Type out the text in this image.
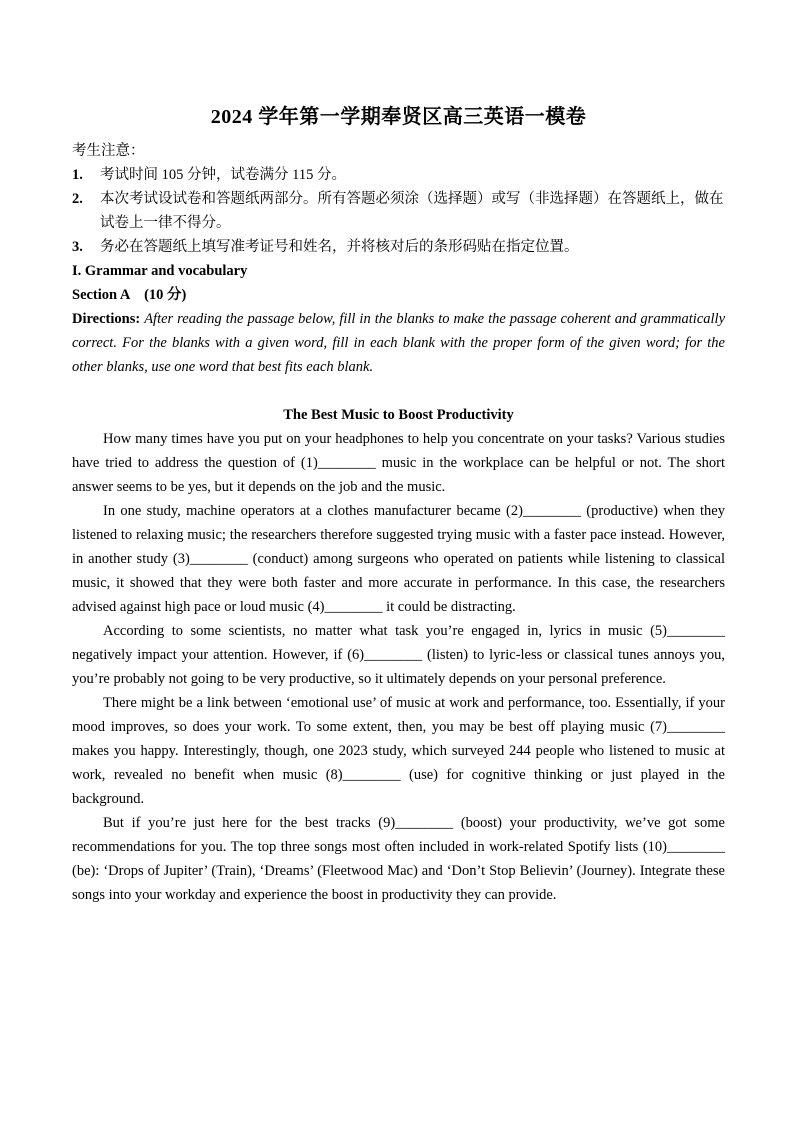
2024 学年第一学期奉贤区高三英语一模卷
考生注意：
1. 考试时间 105 分钟，试卷满分 115 分。
2. 本次考试设试卷和答题纸两部分。所有答题必须涂（选择题）或写（非选择题）在答题纸上，做在试卷上一律不得分。
3. 务必在答题纸上填写准考证号和姓名，并将核对后的条形码贴在指定位置。
I. Grammar and vocabulary
Section A　(10 分)

Directions: After reading the passage below, fill in the blanks to make the passage coherent and grammatically correct. For the blanks with a given word, fill in each blank with the proper form of the given word; for the other blanks, use one word that best fits each blank.

The Best Music to Boost Productivity

How many times have you put on your headphones to help you concentrate on your tasks? Various studies have tried to address the question of (1)________ music in the workplace can be helpful or not. The short answer seems to be yes, but it depends on the job and the music.

In one study, machine operators at a clothes manufacturer became (2)________ (productive) when they listened to relaxing music; the researchers therefore suggested trying music with a faster pace instead. However, in another study (3)________ (conduct) among surgeons who operated on patients while listening to classical music, it showed that they were both faster and more accurate in performance. In this case, the researchers advised against high pace or loud music (4)________ it could be distracting.

According to some scientists, no matter what task you’re engaged in, lyrics in music (5)________ negatively impact your attention. However, if (6)________ (listen) to lyric-less or classical tunes annoys you, you’re probably not going to be very productive, so it ultimately depends on your personal preference.

There might be a link between ‘emotional use’ of music at work and performance, too. Essentially, if your mood improves, so does your work. To some extent, then, you may be best off playing music (7)________ makes you happy. Interestingly, though, one 2023 study, which surveyed 244 people who listened to music at work, revealed no benefit when music (8)________ (use) for cognitive thinking or just played in the background.

But if you’re just here for the best tracks (9)________ (boost) your productivity, we’ve got some recommendations for you. The top three songs most often included in work-related Spotify lists (10)________ (be): ‘Drops of Jupiter’ (Train), ‘Dreams’ (Fleetwood Mac) and ‘Don’t Stop Believin’ (Journey). Integrate these songs into your workday and experience the boost in productivity they can provide.
